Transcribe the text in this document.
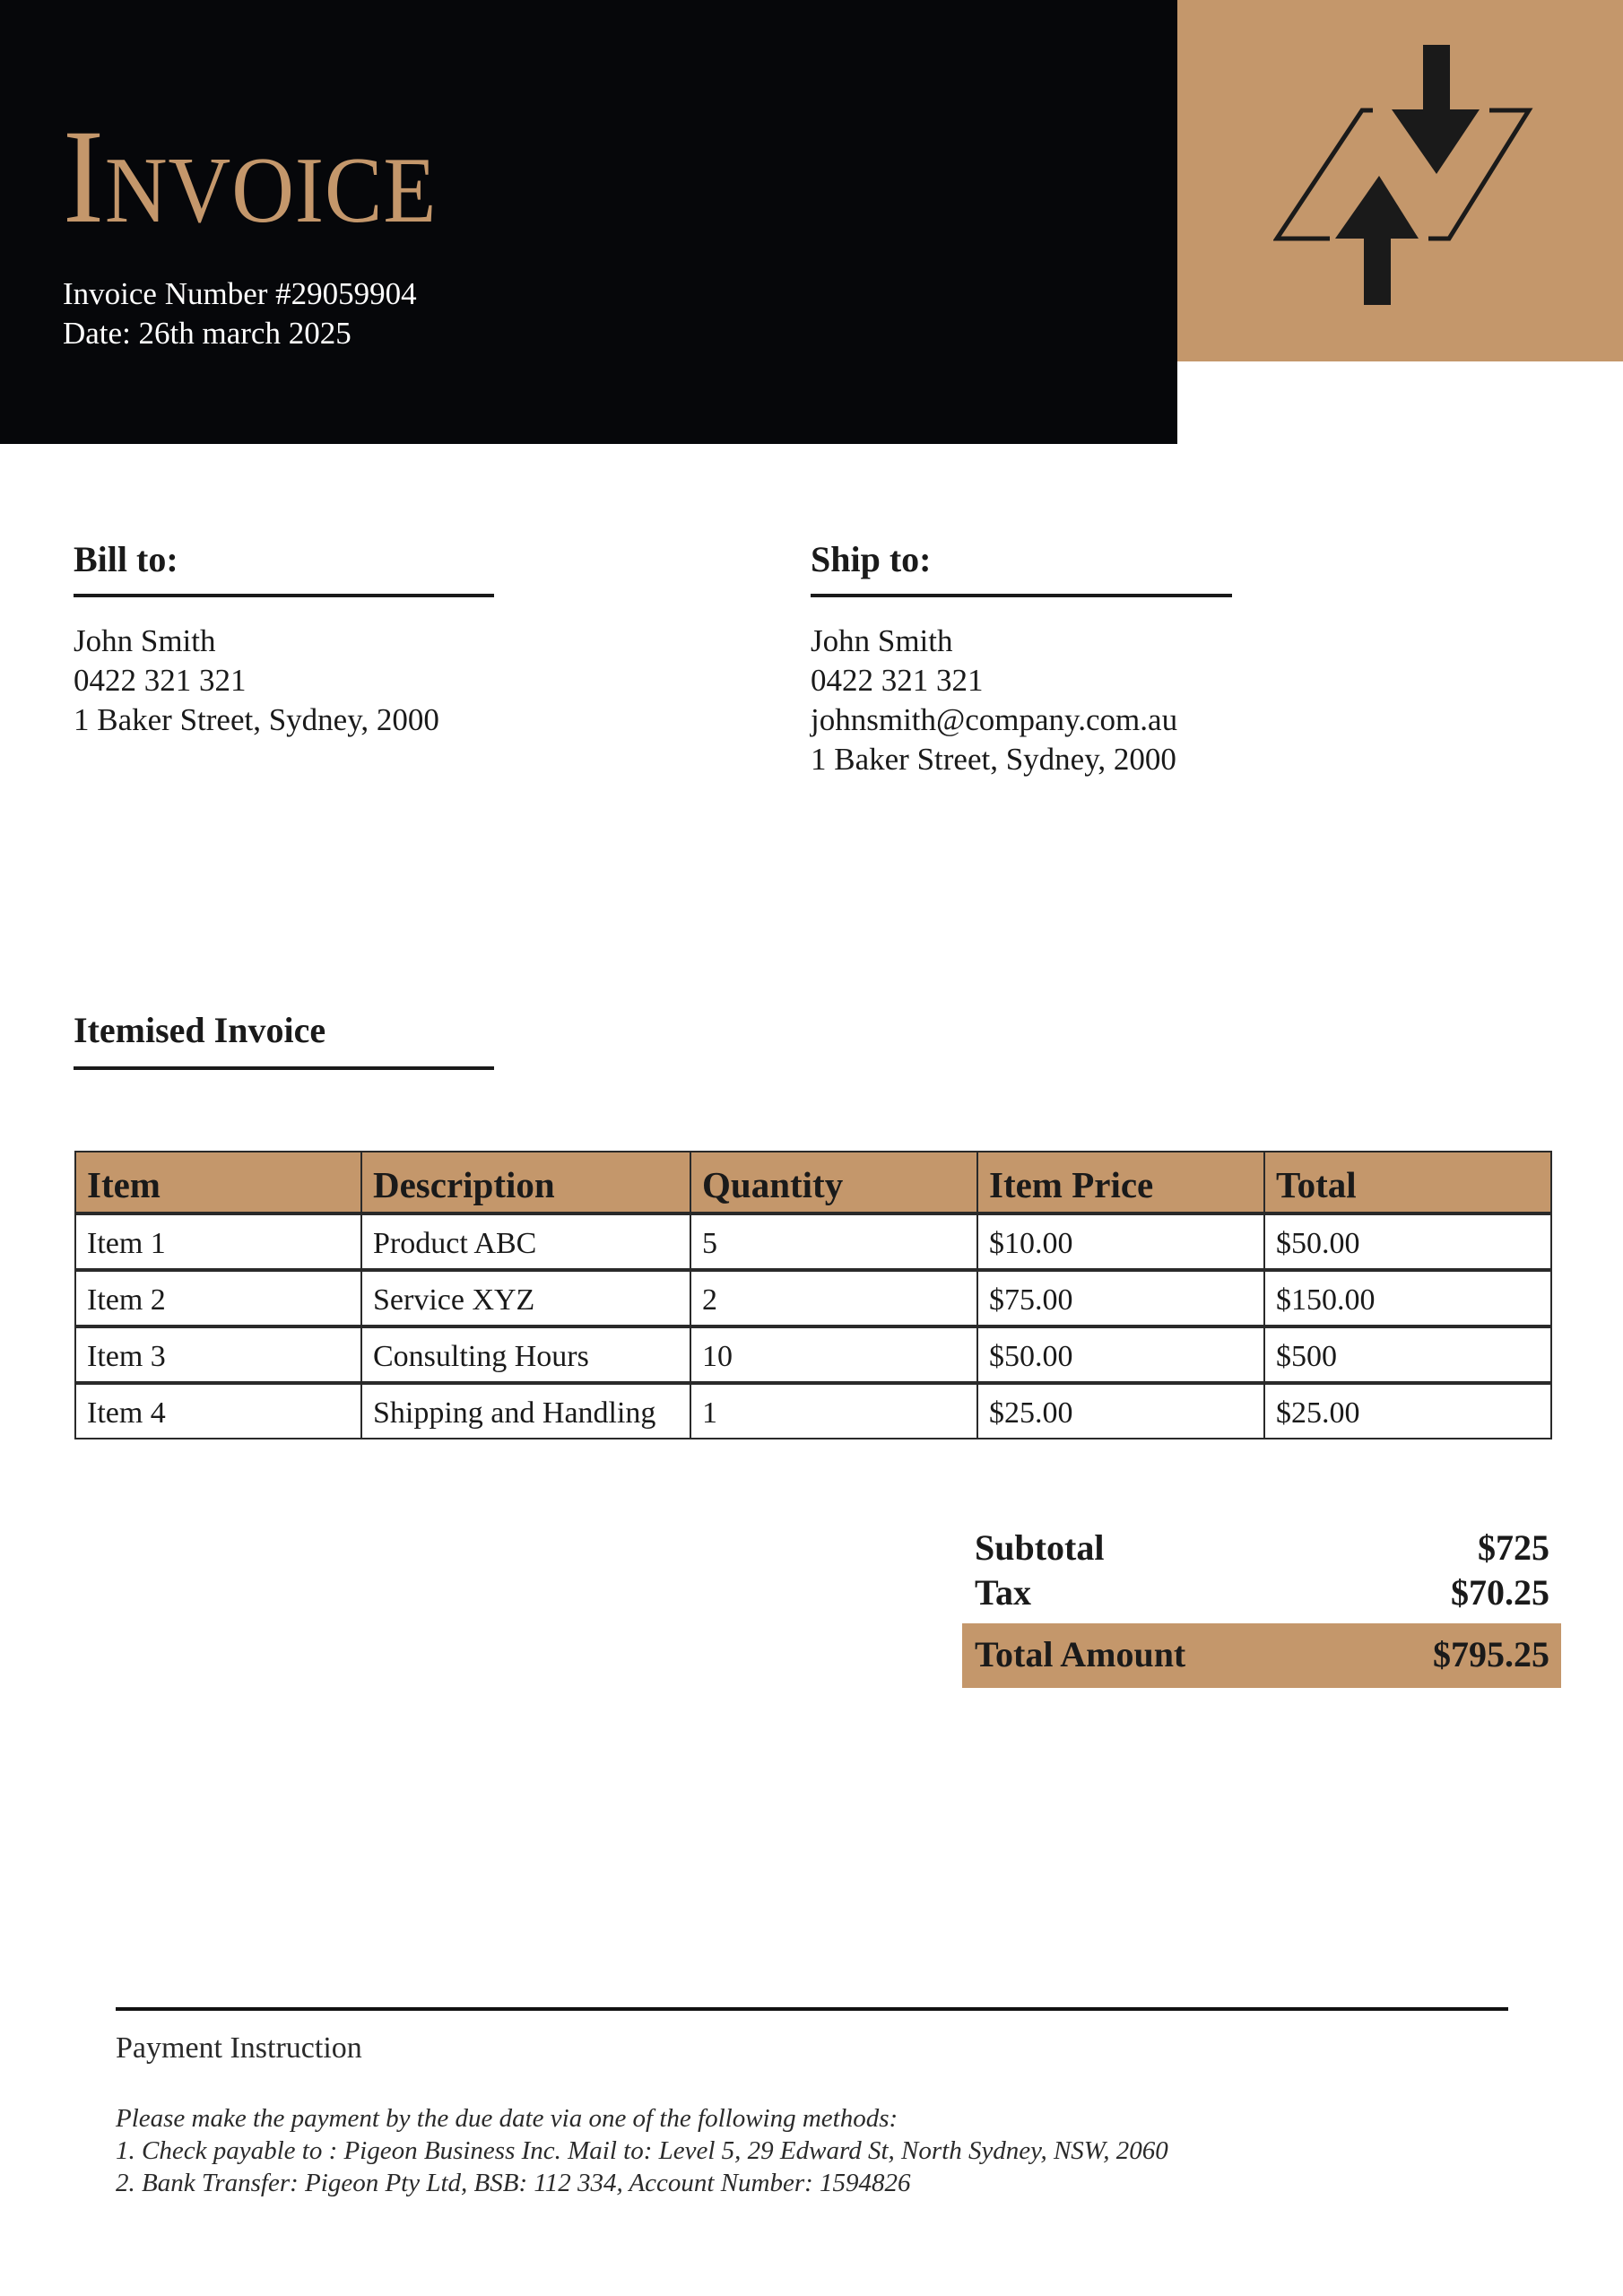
Invoice
Invoice Number #29059904
Date: 26th march 2025
Bill to:
John Smith
0422 321 321
1 Baker Street, Sydney, 2000
Ship to:
John Smith
0422 321 321
johnsmith@company.com.au
1 Baker Street, Sydney, 2000
Itemised Invoice
Item	Description	Quantity	Item Price	Total
Item 1	Product ABC	5	$10.00	$50.00
Item 2	Service XYZ	2	$75.00	$150.00
Item 3	Consulting Hours	10	$50.00	$500
Item 4	Shipping and Handling	1	$25.00	$25.00
Subtotal	$725
Tax	$70.25
Total Amount	$795.25
Payment Instruction
Please make the payment by the due date via one of the following methods:
1. Check payable to : Pigeon Business Inc. Mail to: Level 5, 29 Edward St, North Sydney, NSW, 2060
2. Bank Transfer: Pigeon Pty Ltd, BSB: 112 334, Account Number: 1594826
